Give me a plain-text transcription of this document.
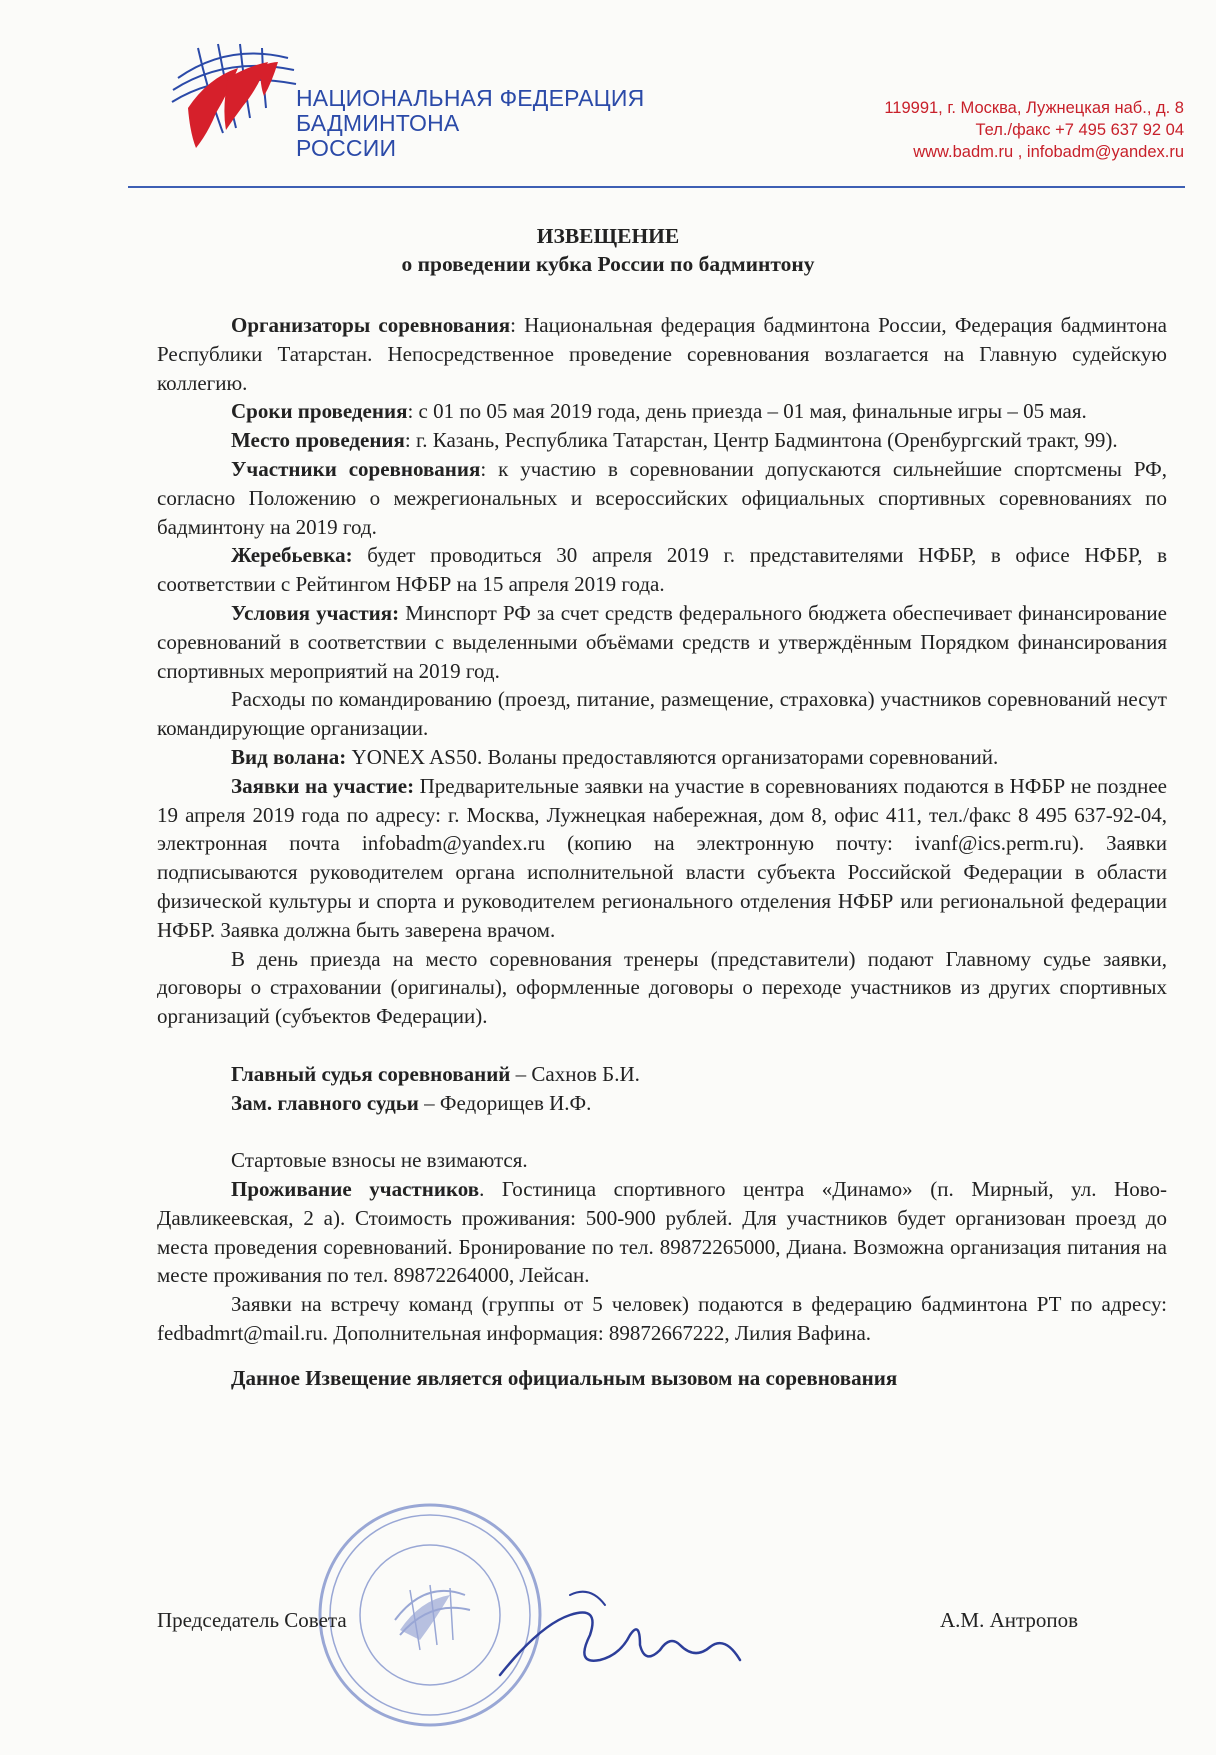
НАЦИОНАЛЬНАЯ ФЕДЕРАЦИЯ
БАДМИНТОНА
РОССИИ
119991, г. Москва, Лужнецкая наб., д. 8
Тел./факс +7 495 637 92 04
www.badm.ru , infobadm@yandex.ru
ИЗВЕЩЕНИЕ
о проведении кубка России по бадминтону

Организаторы соревнования: Национальная федерация бадминтона России, Федерация бадминтона Республики Татарстан. Непосредственное проведение соревнования возлагается на Главную судейскую коллегию.

Сроки проведения: с 01 по 05 мая 2019 года, день приезда – 01 мая, финальные игры – 05 мая.

Место проведения: г. Казань, Республика Татарстан, Центр Бадминтона (Оренбургский тракт, 99).

Участники соревнования: к участию в соревновании допускаются сильнейшие спортсмены РФ, согласно Положению о межрегиональных и всероссийских официальных спортивных соревнованиях по бадминтону на 2019 год.

Жеребьевка: будет проводиться 30 апреля 2019 г. представителями НФБР, в офисе НФБР, в соответствии с Рейтингом НФБР на 15 апреля 2019 года.

Условия участия: Минспорт РФ за счет средств федерального бюджета обеспечивает финансирование соревнований в соответствии с выделенными объёмами средств и утверждённым Порядком финансирования спортивных мероприятий на 2019 год.

Расходы по командированию (проезд, питание, размещение, страховка) участников соревнований несут командирующие организации.

Вид волана: YONEX AS50. Воланы предоставляются организаторами соревнований.

Заявки на участие: Предварительные заявки на участие в соревнованиях подаются в НФБР не позднее 19 апреля 2019 года по адресу: г. Москва, Лужнецкая набережная, дом 8, офис 411, тел./факс 8 495 637-92-04, электронная почта infobadm@yandex.ru (копию на электронную почту: ivanf@ics.perm.ru). Заявки подписываются руководителем органа исполнительной власти субъекта Российской Федерации в области физической культуры и спорта и руководителем регионального отделения НФБР или региональной федерации НФБР. Заявка должна быть заверена врачом.

В день приезда на место соревнования тренеры (представители) подают Главному судье заявки, договоры о страховании (оригиналы), оформленные договоры о переходе участников из других спортивных организаций (субъектов Федерации).

Главный судья соревнований – Сахнов Б.И.

Зам. главного судьи – Федорищев И.Ф.

Стартовые взносы не взимаются.

Проживание участников. Гостиница спортивного центра «Динамо» (п. Мирный, ул. Ново-Давликеевская, 2 а). Стоимость проживания: 500-900 рублей. Для участников будет организован проезд до места проведения соревнований. Бронирование по тел. 89872265000, Диана. Возможна организация питания на месте проживания по тел. 89872264000, Лейсан.

Заявки на встречу команд (группы от 5 человек) подаются в федерацию бадминтона РТ по адресу: fedbadmrt@mail.ru. Дополнительная информация: 89872667222, Лилия Вафина.

Данное Извещение является официальным вызовом на соревнования

Председатель Совета	А.М. Антропов
